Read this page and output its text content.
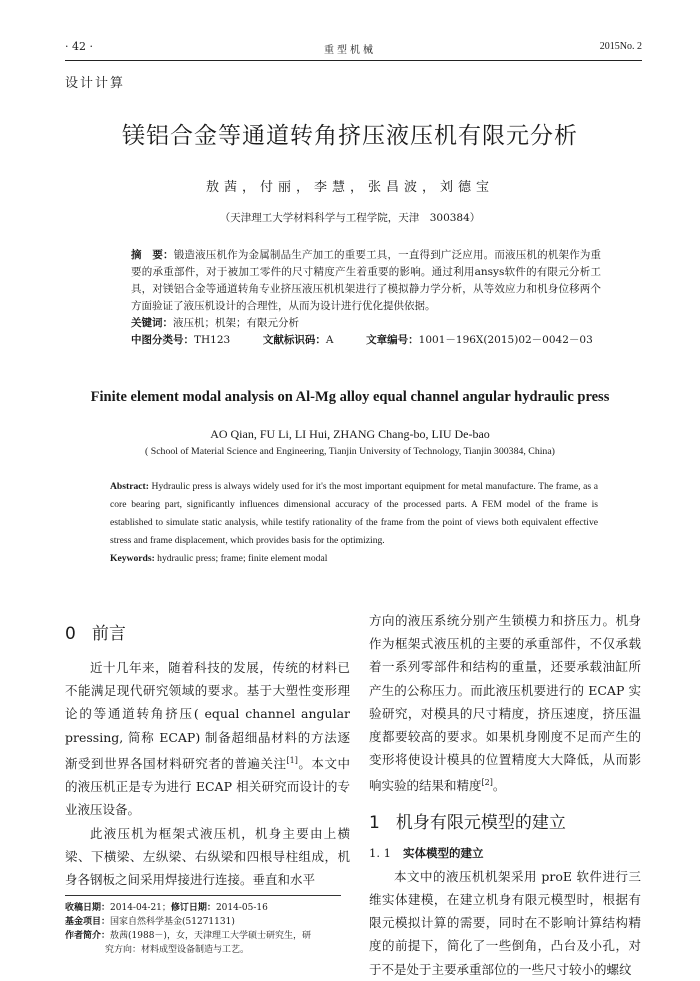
· 42 ·	重型机械	2015No. 2
设计计算
镁铝合金等通道转角挤压液压机有限元分析
敖茜，付丽，李慧，张昌波，刘德宝
（天津理工大学材料科学与工程学院，天津　300384）
摘　要：锻造液压机作为金属制品生产加工的重要工具，一直得到广泛应用。而液压机的机架作为重要的承重部件，对于被加工零件的尺寸精度产生着重要的影响。通过利用ansys软件的有限元分析工具，对镁铝合金等通道转角专业挤压液压机机架进行了模拟静力学分析，从等效应力和机身位移两个方面验证了液压机设计的合理性，从而为设计进行优化提供依据。
关键词：液压机；机架；有限元分析
中图分类号：TH123	文献标识码：A	文章编号：1001－196X(2015)02－0042－03
Finite element modal analysis on Al-Mg alloy equal channel angular hydraulic press
AO Qian, FU Li, LI Hui, ZHANG Chang-bo, LIU De-bao
( School of Material Science and Engineering, Tianjin University of Technology, Tianjin 300384, China)
Abstract: Hydraulic press is always widely used for it's the most important equipment for metal manufacture. The frame, as a core bearing part, significantly influences dimensional accuracy of the processed parts. A FEM model of the frame is established to simulate static analysis, while testify rationality of the frame from the point of views both equivalent effective stress and frame displacement, which provides basis for the optimizing.
Keywords: hydraulic press; frame; finite element modal
0 前言

近十几年来，随着科技的发展，传统的材料已不能满足现代研究领域的要求。基于大塑性变形理论的等通道转角挤压( equal channel angular pressing, 简称 ECAP) 制备超细晶材料的方法逐渐受到世界各国材料研究者的普遍关注[1]。本文中的液压机正是专为进行 ECAP 相关研究而设计的专业液压设备。

此液压机为框架式液压机，机身主要由上横梁、下横梁、左纵梁、右纵梁和四根导柱组成，机身各钢板之间采用焊接进行连接。垂直和水平

方向的液压系统分别产生锁模力和挤压力。机身作为框架式液压机的主要的承重部件，不仅承载着一系列零部件和结构的重量，还要承载油缸所产生的公称压力。而此液压机要进行的 ECAP 实验研究，对模具的尺寸精度，挤压速度，挤压温度都要较高的要求。如果机身刚度不足而产生的变形将使设计模具的位置精度大大降低，从而影响实验的结果和精度[2]。

1 机身有限元模型的建立
1. 1 实体模型的建立

本文中的液压机机架采用 proE 软件进行三维实体建模，在建立机身有限元模型时，根据有限元模拟计算的需要，同时在不影响计算结构精度的前提下，简化了一些倒角，凸台及小孔，对于不是处于主要承重部位的一些尺寸较小的螺纹

收稿日期：2014-04-21；修订日期：2014-05-16
基金项目：国家自然科学基金(51271131)
作者简介：敖茜(1988－)，女，天津理工大学硕士研究生，研
究方向：材料成型设备制造与工艺。
